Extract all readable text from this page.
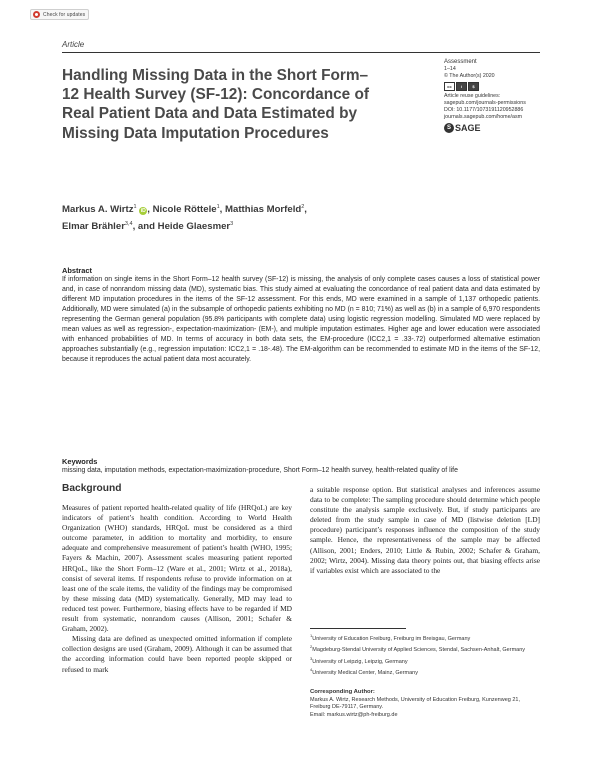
Check for updates
Article
Handling Missing Data in the Short Form–12 Health Survey (SF-12): Concordance of Real Patient Data and Data Estimated by Missing Data Imputation Procedures
Assessment
1–14
© The Author(s) 2020
cc	i	$
Article reuse guidelines:
sagepub.com/journals-permissions
DOI: 10.1177/1073191120952886
journals.sagepub.com/home/asm
S SAGE
Markus A. Wirtz$^1$ iD , Nicole Röttele$^1$, Matthias Morfeld$^2$,
Elmar Brähler$^{3,4}$, and Heide Glaesmer$^3$
Abstract

If information on single items in the Short Form–12 health survey (SF-12) is missing, the analysis of only complete cases causes a loss of statistical power and, in case of nonrandom missing data (MD), systematic bias. This study aimed at evaluating the concordance of real patient data and data estimated by different MD imputation procedures in the items of the SF-12 assessment. For this ends, MD were examined in a sample of 1,137 orthopedic patients. Additionally, MD were simulated (a) in the subsample of orthopedic patients exhibiting no MD (n = 810; 71%) as well as (b) in a sample of 6,970 respondents representing the German general population (95.8% participants with complete data) using logistic regression modelling. Simulated MD were replaced by mean values as well as regression-, expectation-maximization- (EM-), and multiple imputation estimates. Higher age and lower education were associated with enhanced probabilities of MD. In terms of accuracy in both data sets, the EM-procedure (ICC2,1 = .33-.72) outperformed alternative estimation approaches substantially (e.g., regression imputation: ICC2,1 = .18-.48). The EM-algorithm can be recommended to estimate MD in the items of the SF-12, because it reproduces the actual patient data most accurately.

Keywords

missing data, imputation methods, expectation-maximization-procedure, Short Form–12 health survey, health-related quality of life

Background

Measures of patient reported health-related quality of life (HRQoL) are key indicators of patient’s health condition. According to World Health Organization (WHO) standards, HRQoL must be considered as a third outcome parameter, in addition to mortality and morbidity, to ensure adequate and comprehensive measurement of patient’s health (WHO, 1995; Fayers & Machin, 2007). Assessment scales measuring patient reported HRQoL, like the Short Form–12 (Ware et al., 2001; Wirtz et al., 2018a), consist of several items. If respondents refuse to provide information on at least one of the scale items, the validity of the findings may be compromised by these missing data (MD) systematically. Generally, MD may lead to reduced test power. Furthermore, biasing effects have to be regarded if MD result from systematic, nonrandom causes (Allison, 2001; Schafer & Graham, 2002).

Missing data are defined as unexpected omitted information if complete collection designs are used (Graham, 2009). Although it can be assumed that the according information could have been reported people skipped or refused to mark

a suitable response option. But statistical analyses and inferences assume data to be complete: The sampling procedure should determine which people constitute the analysis sample exclusively. But, if study participants are deleted from the study sample in case of MD (listwise deletion [LD] procedure) participant’s responses influence the composition of the study sample. Hence, the representativeness of the sample may be affected (Allison, 2001; Enders, 2010; Little & Rubin, 2002; Schafer & Graham, 2002; Wirtz, 2004). Missing data theory points out, that biasing effects arise if variables exist which are associated to the

$^1$University of Education Freiburg, Freiburg im Breisgau, Germany

$^2$Magdeburg-Stendal University of Applied Sciences, Stendal, Sachsen-Anhalt, Germany

$^3$University of Leipzig, Leipzig, Germany

$^4$University Medical Center, Mainz, Germany

Corresponding Author:
Markus A. Wirtz, Research Methods, University of Education Freiburg, Kunzenweg 21, Freiburg DE-79117, Germany.
Email: markus.wirtz@ph-freiburg.de
